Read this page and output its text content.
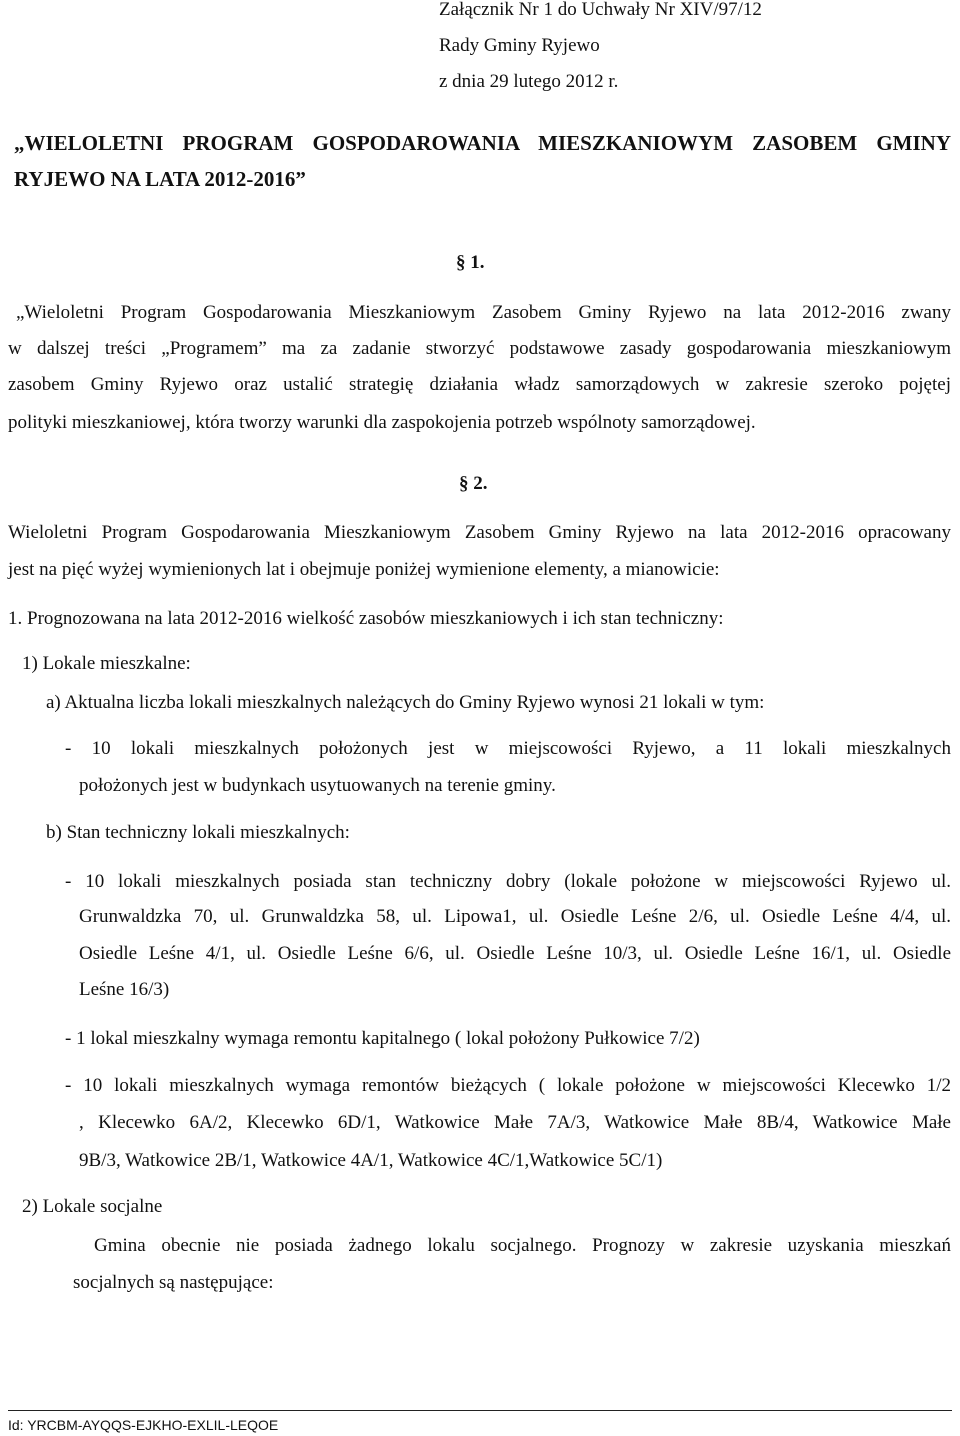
Załącznik Nr 1 do Uchwały Nr XIV/97/12
Rady Gminy Ryjewo
z dnia 29 lutego 2012 r.
„WIELOLETNI PROGRAM GOSPODAROWANIA MIESZKANIOWYM ZASOBEM GMINY
RYJEWO NA LATA 2012-2016”
§ 1.
„Wieloletni Program Gospodarowania Mieszkaniowym Zasobem Gminy Ryjewo na lata 2012-2016 zwany
w dalszej treści „Programem” ma za zadanie stworzyć podstawowe zasady gospodarowania mieszkaniowym
zasobem Gminy Ryjewo oraz ustalić strategię działania władz samorządowych w zakresie szeroko pojętej
polityki mieszkaniowej, która tworzy warunki dla zaspokojenia potrzeb wspólnoty samorządowej.
§ 2.
Wieloletni Program Gospodarowania Mieszkaniowym Zasobem Gminy Ryjewo na lata 2012-2016 opracowany
jest na pięć wyżej wymienionych lat i obejmuje poniżej wymienione elementy, a mianowicie:
1. Prognozowana na lata 2012-2016 wielkość zasobów mieszkaniowych i ich stan techniczny:
1) Lokale mieszkalne:
a) Aktualna liczba lokali mieszkalnych należących do Gminy Ryjewo wynosi 21 lokali w tym:
- 10 lokali mieszkalnych położonych jest w miejscowości Ryjewo, a 11 lokali mieszkalnych
położonych jest w budynkach usytuowanych na terenie gminy.
b) Stan techniczny lokali mieszkalnych:
- 10 lokali mieszkalnych posiada stan techniczny dobry (lokale położone w miejscowości Ryjewo ul.
Grunwaldzka 70, ul. Grunwaldzka 58, ul. Lipowa1, ul. Osiedle Leśne 2/6, ul. Osiedle Leśne 4/4, ul.
Osiedle Leśne 4/1, ul. Osiedle Leśne 6/6, ul. Osiedle Leśne 10/3, ul. Osiedle Leśne 16/1, ul. Osiedle
Leśne 16/3)
- 1 lokal mieszkalny wymaga remontu kapitalnego ( lokal położony Pułkowice 7/2)
- 10 lokali mieszkalnych wymaga remontów bieżących ( lokale położone w miejscowości Klecewko 1/2
, Klecewko 6A/2, Klecewko 6D/1, Watkowice Małe 7A/3, Watkowice Małe 8B/4, Watkowice Małe
9B/3, Watkowice 2B/1, Watkowice 4A/1, Watkowice 4C/1,Watkowice 5C/1)
2) Lokale socjalne
Gmina obecnie nie posiada żadnego lokalu socjalnego. Prognozy w zakresie uzyskania mieszkań
socjalnych są następujące:
Id: YRCBM-AYQQS-EJKHO-EXLIL-LEQOE
